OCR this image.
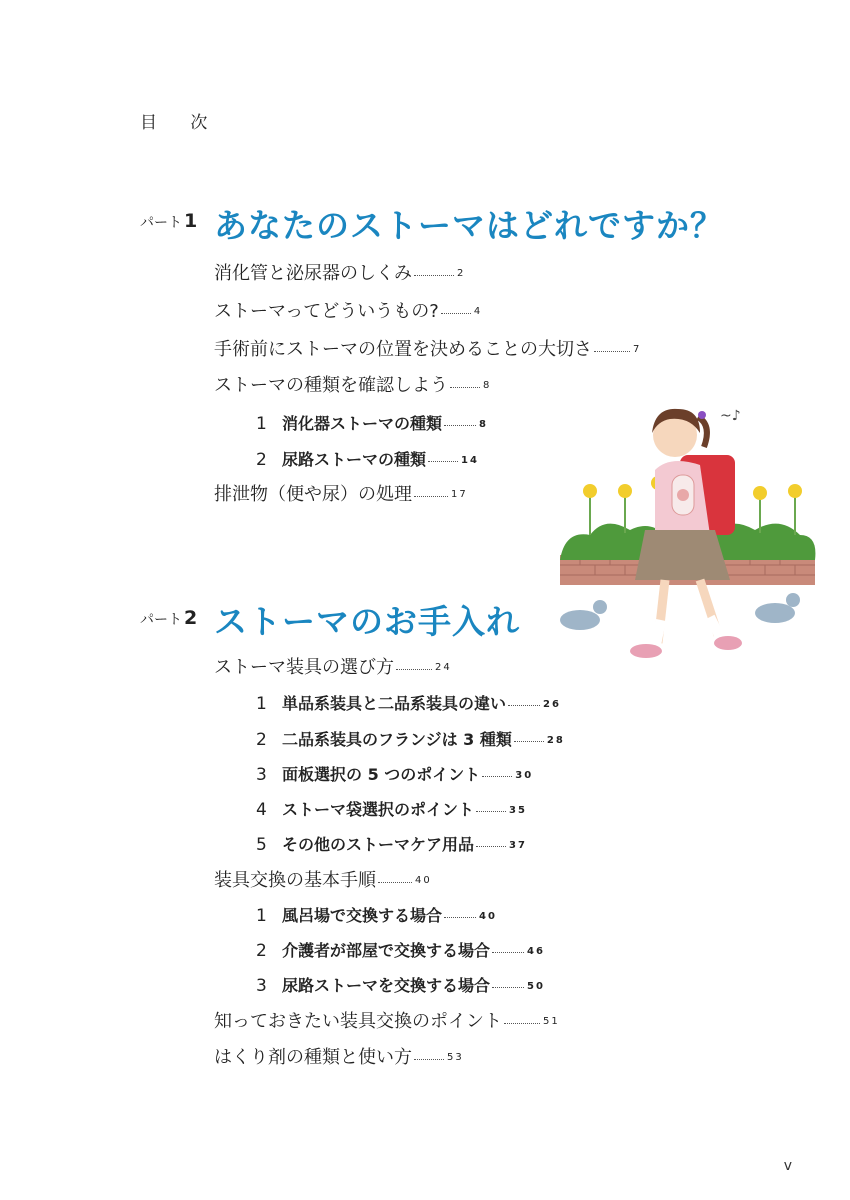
目 次
パート 1 あなたのストーマはどれですか？
消化管と泌尿器のしくみ	2
ストーマってどういうもの?	4
手術前にストーマの位置を決めることの大切さ	7
ストーマの種類を確認しよう	8
1 消化器ストーマの種類	8
2 尿路ストーマの種類	14
排泄物（便や尿）の処理	17
パート 2 ストーマのお手入れ
ストーマ装具の選び方	24
1 単品系装具と二品系装具の違い	26
2 二品系装具のフランジは 3 種類	28
3 面板選択の 5 つのポイント	30
4 ストーマ袋選択のポイント	35
5 その他のストーマケア用品	37
装具交換の基本手順	40
1 風呂場で交換する場合	40
2 介護者が部屋で交換する場合	46
3 尿路ストーマを交換する場合	50
知っておきたい装具交換のポイント	51
はくり剤の種類と使い方	53
~♪
v
